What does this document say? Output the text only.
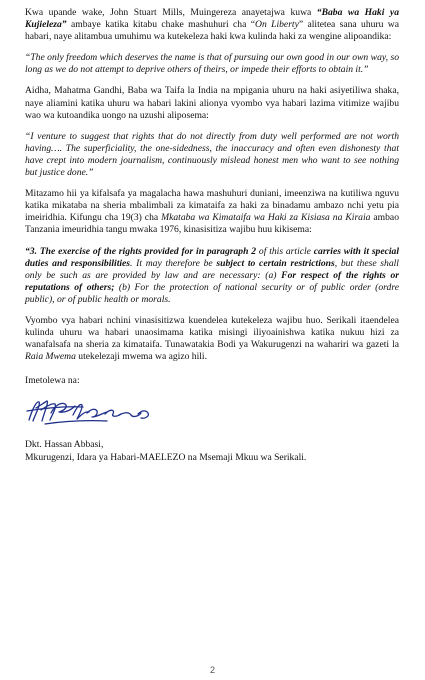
Kwa upande wake, John Stuart Mills, Muingereza anayetajwa kuwa “Baba wa Haki ya Kujieleza” ambaye katika kitabu chake mashuhuri cha “On Liberty” alitetea sana uhuru wa habari, naye alitambua umuhimu wa kutekeleza haki kwa kulinda haki za wengine alipoandika:

“The only freedom which deserves the name is that of pursuing our own good in our own way, so long as we do not attempt to deprive others of theirs, or impede their efforts to obtain it.”

Aidha, Mahatma Gandhi, Baba wa Taifa la India na mpigania uhuru na haki asiyetiliwa shaka, naye aliamini katika uhuru wa habari lakini alionya vyombo vya habari lazima vitimize wajibu wao wa kutoandika uongo na uzushi aliposema:

“I venture to suggest that rights that do not directly from duty well performed are not worth having…. The superficiality, the one-sidedness, the inaccuracy and often even dishonesty that have crept into modern journalism, continuously mislead honest men who want to see nothing but justice done.”

Mitazamo hii ya kifalsafa ya magalacha hawa mashuhuri duniani, imeenziwa na kutiliwa nguvu katika mikataba na sheria mbalimbali za kimataifa za haki za binadamu ambazo nchi yetu pia imeiridhia. Kifungu cha 19(3) cha Mkataba wa Kimataifa wa Haki za Kisiasa na Kiraia ambao Tanzania imeuridhia tangu mwaka 1976, kinasisitiza wajibu huu kikisema:

“3. The exercise of the rights provided for in paragraph 2 of this article carries with it special duties and responsibilities. It may therefore be subject to certain restrictions, but these shall only be such as are provided by law and are necessary: (a) For respect of the rights or reputations of others; (b) For the protection of national security or of public order (ordre public), or of public health or morals.

Vyombo vya habari nchini vinasisitizwa kuendelea kutekeleza wajibu huo. Serikali itaendelea kulinda uhuru wa habari unaosimama katika misingi iliyoainishwa katika nukuu hizi za wanafalsafa na sheria za kimataifa. Tunawatakia Bodi ya Wakurugenzi na wahariri wa gazeti la Raia Mwema utekelezaji mwema wa agizo hili.

Imetolewa na:

Dkt. Hassan Abbasi,

Mkurugenzi, Idara ya Habari-MAELEZO na Msemaji Mkuu wa Serikali.

2
